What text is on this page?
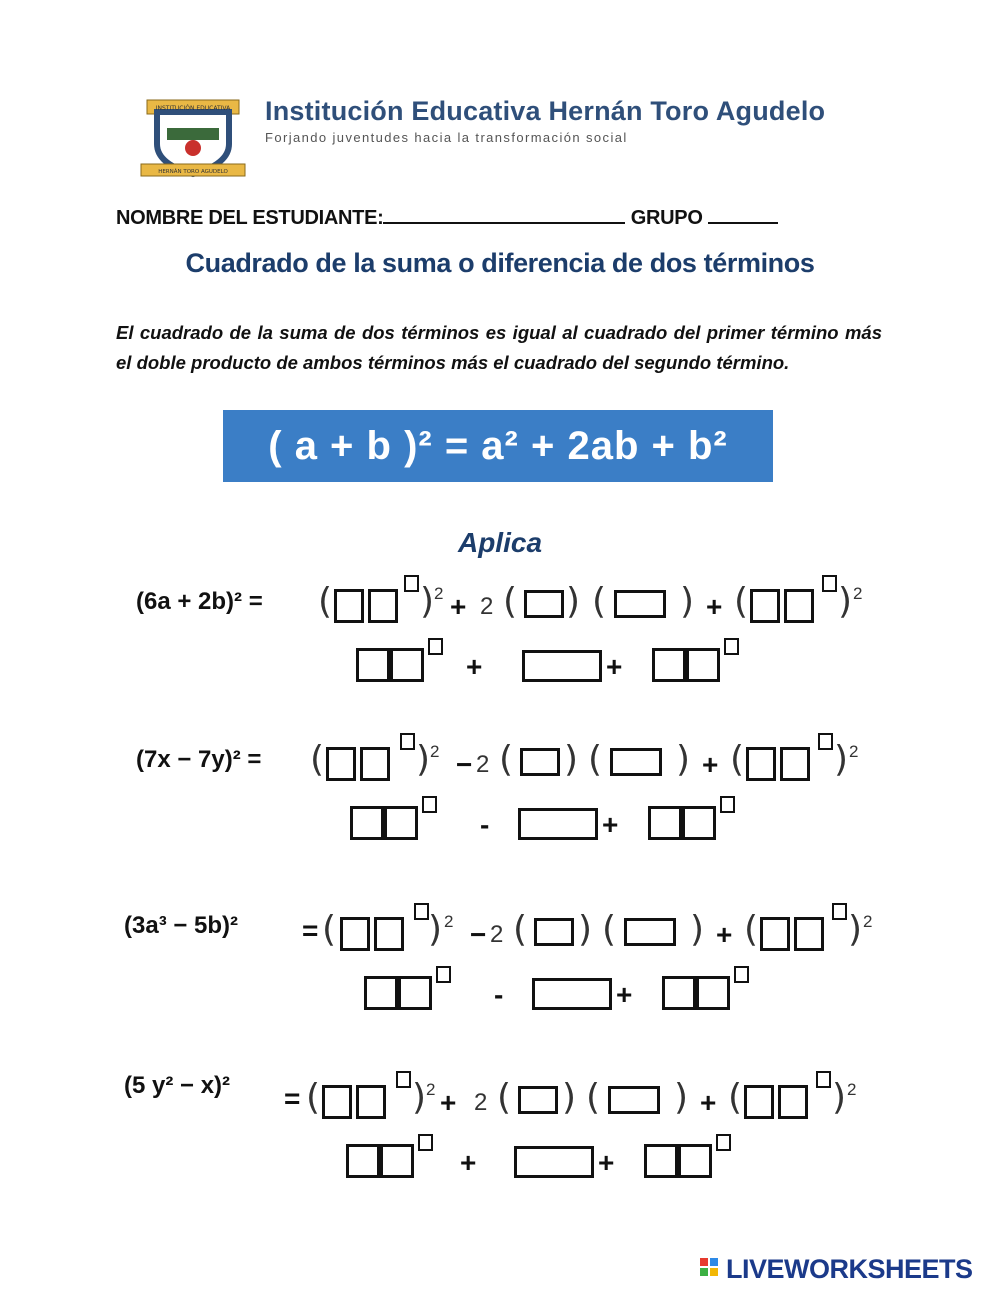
INSTITUCIÓN EDUCATIVA
HERNÁN TORO AGUDELO
Institución Educativa Hernán Toro Agudelo
Forjando juventudes hacia la transformación social
NOMBRE DEL ESTUDIANTE:	GRUPO
Cuadrado de la suma o diferencia de dos términos
El cuadrado de la suma de dos términos es igual al cuadrado del primer término más el doble producto de ambos términos más el cuadrado del segundo término.
( a + b )² = a² + 2ab + b²
Aplica
(6a + 2b)² = ( ) 2 + 2 ( ) ( ) + ( ) 2
+	+
(7x − 7y)² = (	) 2 − 2 ( ) ( ) + ( ) 2
-	+
(3a³ − 5b)² = (	) 2 − 2 ( ) ( ) + ( ) 2
-	+
(5 y² − x)² = (	) 2 + 2 ( ) ( ) + ( ) 2
+	+
LIVEWORKSHEETS
